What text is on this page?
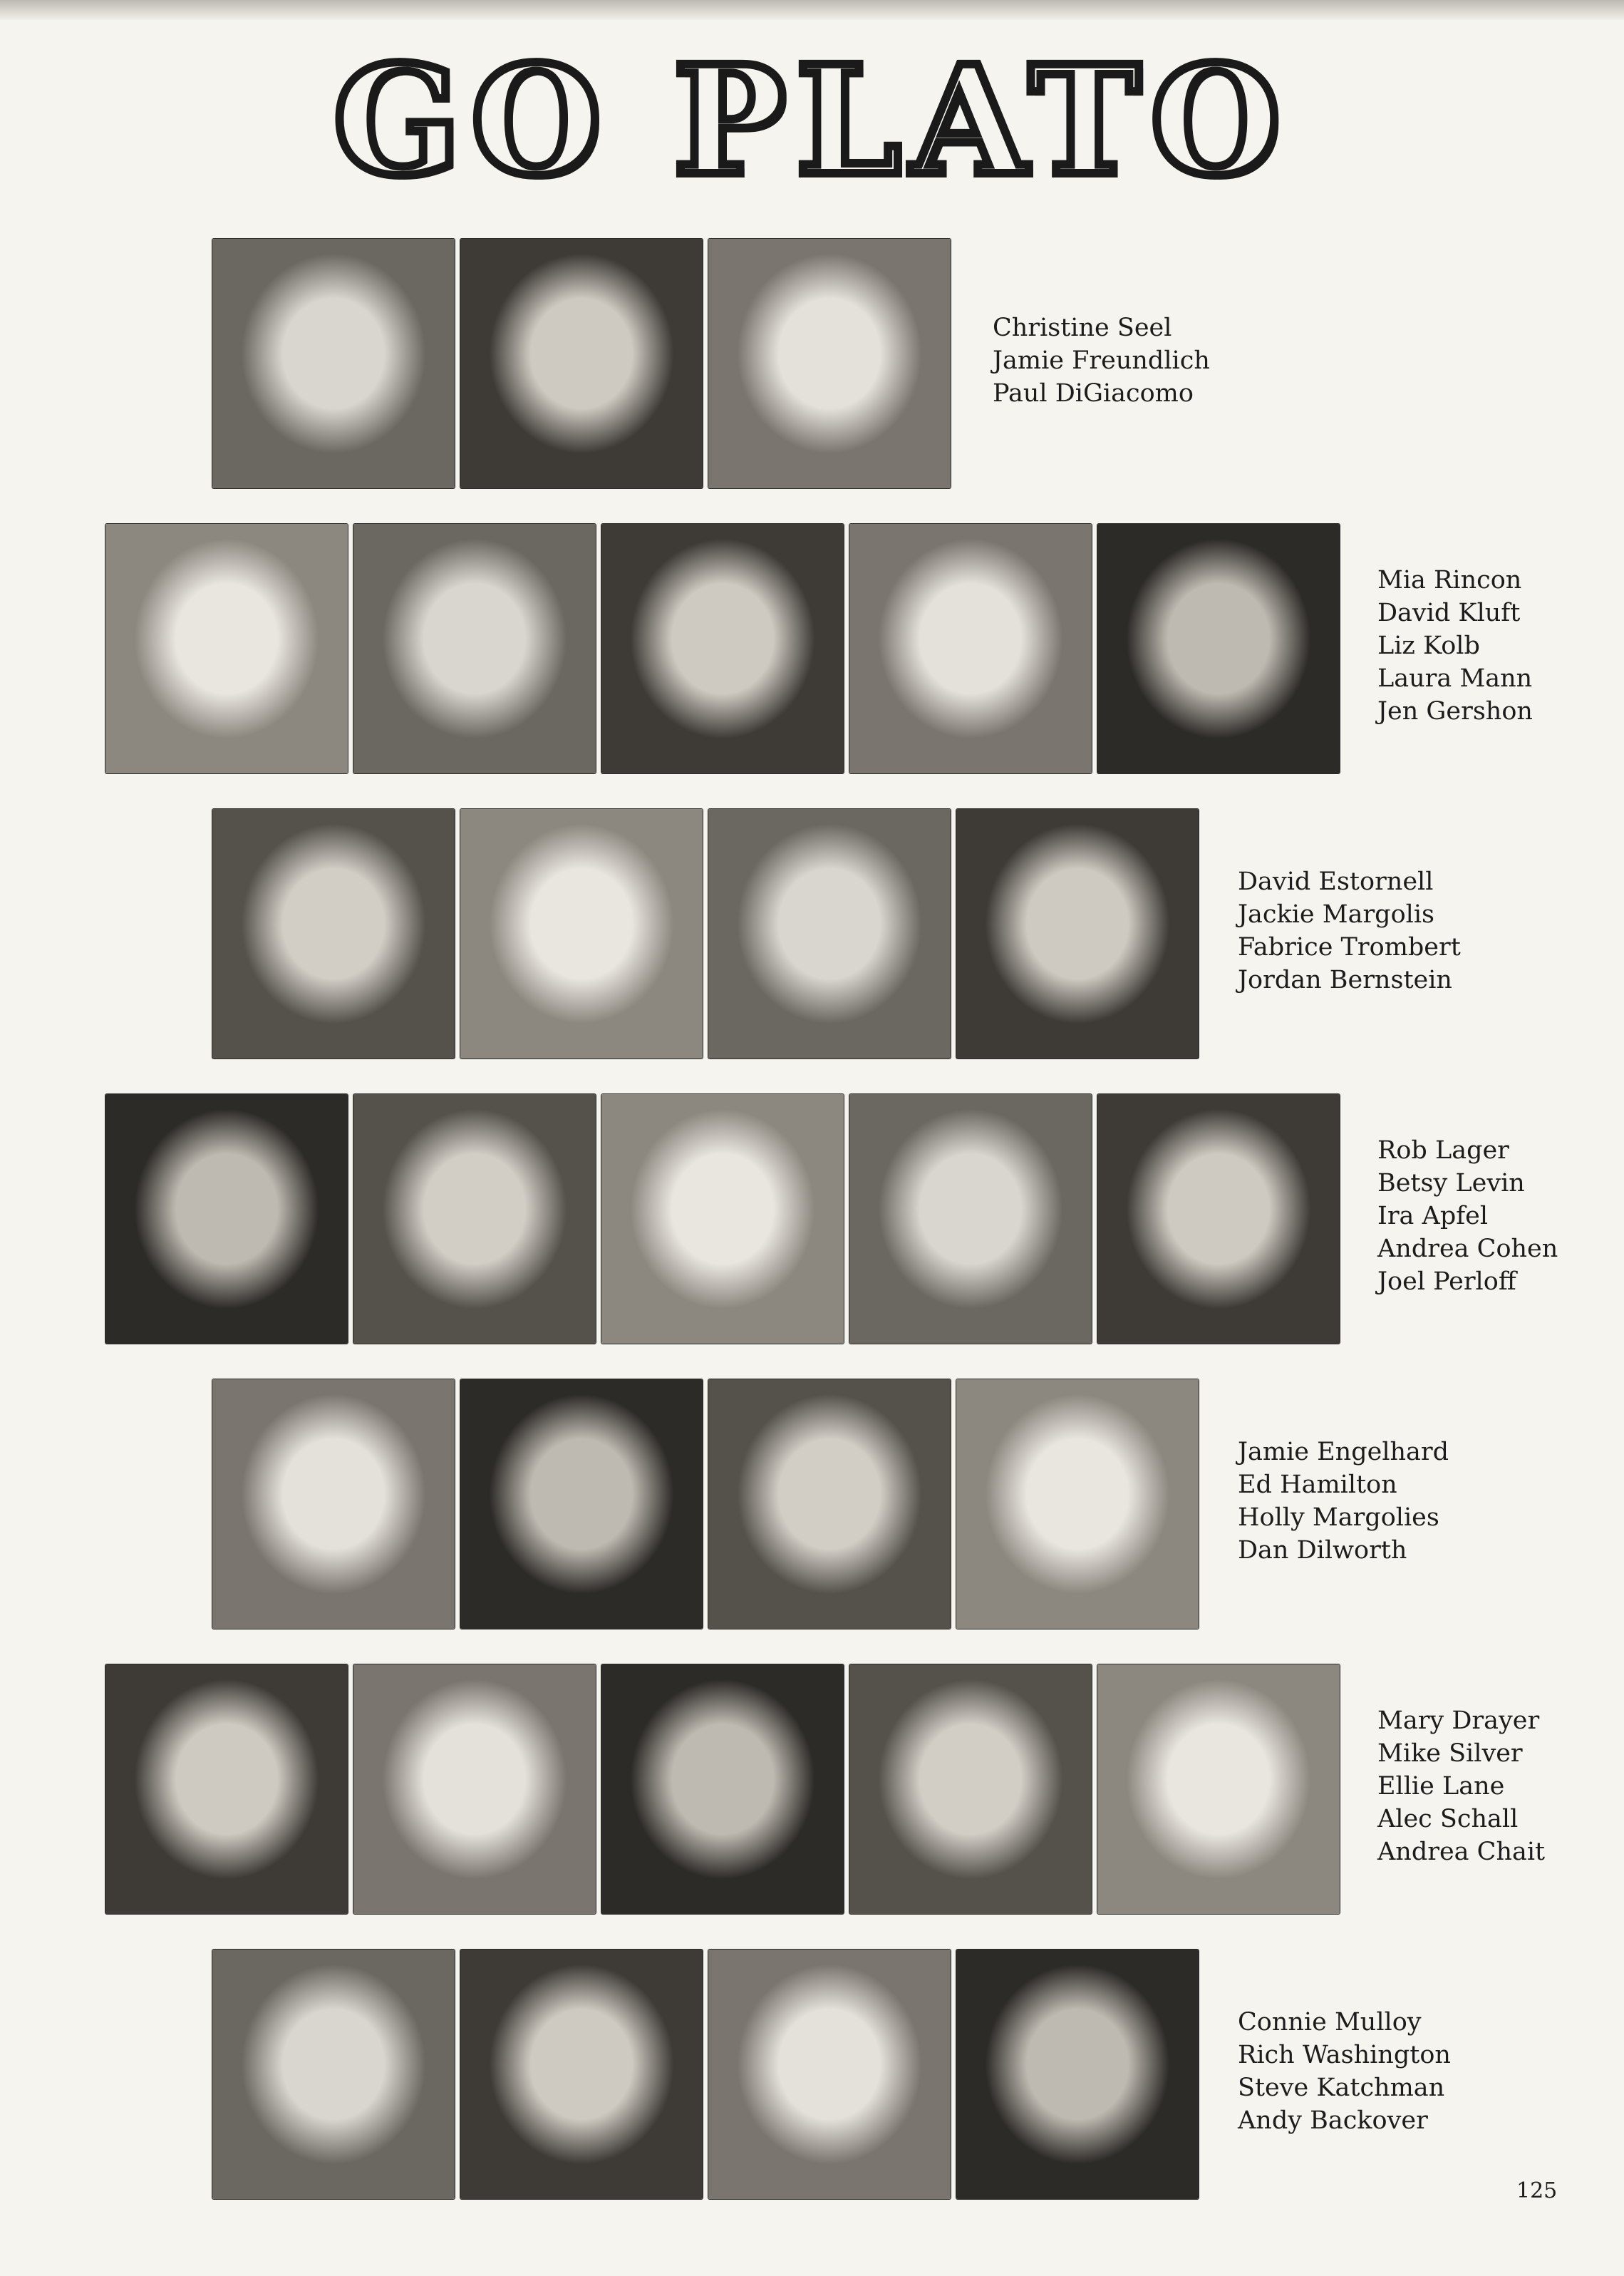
GO PLATO
Christine Seel
Jamie Freundlich
Paul DiGiacomo
Mia Rincon
David Kluft
Liz Kolb
Laura Mann
Jen Gershon
David Estornell
Jackie Margolis
Fabrice Trombert
Jordan Bernstein
Rob Lager
Betsy Levin
Ira Apfel
Andrea Cohen
Joel Perloff
Jamie Engelhard
Ed Hamilton
Holly Margolies
Dan Dilworth
Mary Drayer
Mike Silver
Ellie Lane
Alec Schall
Andrea Chait
Connie Mulloy
Rich Washington
Steve Katchman
Andy Backover
125
